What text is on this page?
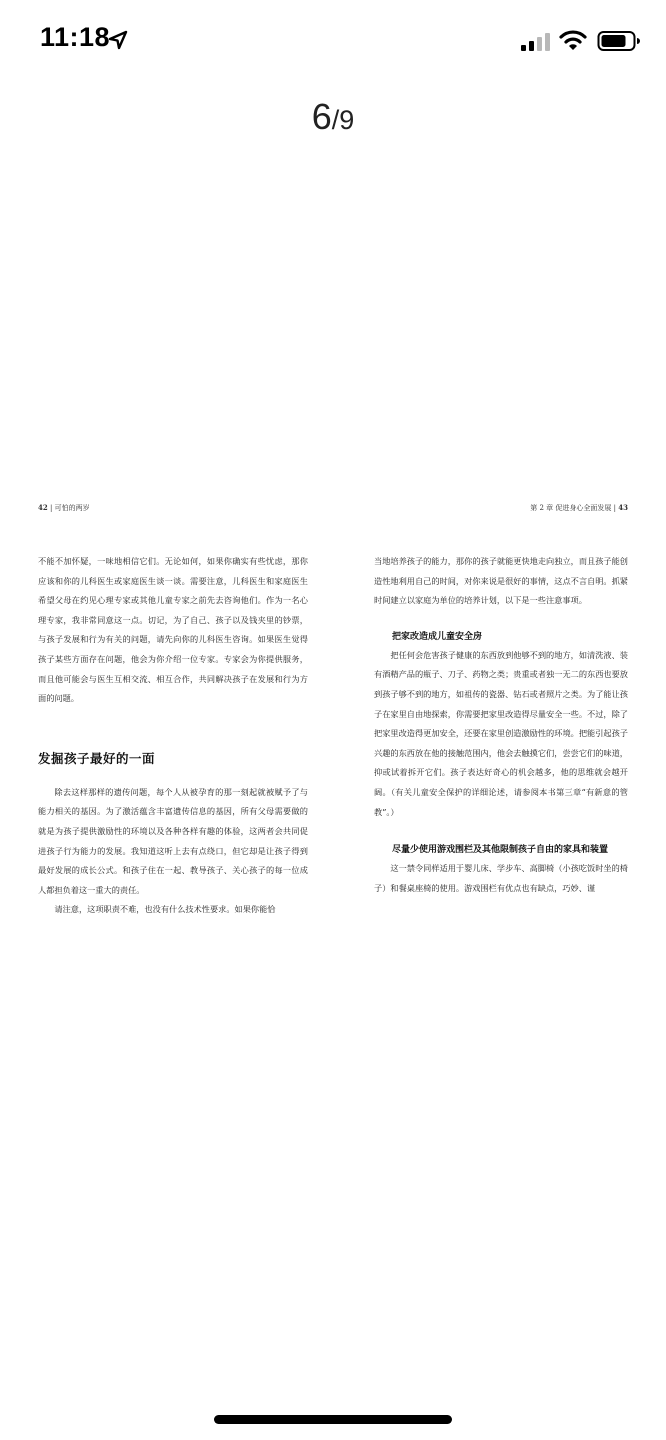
11:18
6/9
42 | 可怕的两岁

不能不加怀疑，一味地相信它们。无论如何，如果你确实有些忧虑，那你应该和你的儿科医生或家庭医生谈一谈。需要注意，儿科医生和家庭医生希望父母在约见心理专家或其他儿童专家之前先去咨询他们。作为一名心理专家，我非常同意这一点。切记，为了自己、孩子以及钱夹里的钞票，与孩子发展和行为有关的问题，请先向你的儿科医生咨询。如果医生觉得孩子某些方面存在问题，他会为你介绍一位专家。专家会为你提供服务，而且他可能会与医生互相交流、相互合作，共同解决孩子在发展和行为方面的问题。

发掘孩子最好的一面

除去这样那样的遗传问题，每个人从被孕育的那一刻起就被赋予了与能力相关的基因。为了激活蕴含丰富遗传信息的基因，所有父母需要做的就是为孩子提供激励性的环境以及各种各样有趣的体验，这两者会共同促进孩子行为能力的发展。我知道这听上去有点绕口，但它却是让孩子得到最好发展的成长公式。和孩子住在一起、教导孩子、关心孩子的每一位成人都担负着这一重大的责任。

请注意，这项职责不难，也没有什么技术性要求。如果你能恰

第 2 章 促进身心全面发展 | 43

当地培养孩子的能力，那你的孩子就能更快地走向独立，而且孩子能创造性地利用自己的时间，对你来说是很好的事情，这点不言自明。抓紧时间建立以家庭为单位的培养计划，以下是一些注意事项。

把家改造成儿童安全房

把任何会危害孩子健康的东西放到他够不到的地方，如清洗液、装有酒精产品的瓶子、刀子、药物之类；贵重或者独一无二的东西也要放到孩子够不到的地方，如祖传的瓷器、钻石或者照片之类。为了能让孩子在家里自由地探索，你需要把家里改造得尽量安全一些。不过，除了把家里改造得更加安全，还要在家里创造激励性的环境。把能引起孩子兴趣的东西放在他的接触范围内，他会去触摸它们，尝尝它们的味道，抑或试着拆开它们。孩子表达好奇心的机会越多，他的思维就会越开阔。（有关儿童安全保护的详细论述，请参阅本书第三章“有新意的管教”。）

尽量少使用游戏围栏及其他限制孩子自由的家具和装置

这一禁令同样适用于婴儿床、学步车、高脚椅（小孩吃饭时坐的椅子）和餐桌座椅的使用。游戏围栏有优点也有缺点，巧妙、谨
